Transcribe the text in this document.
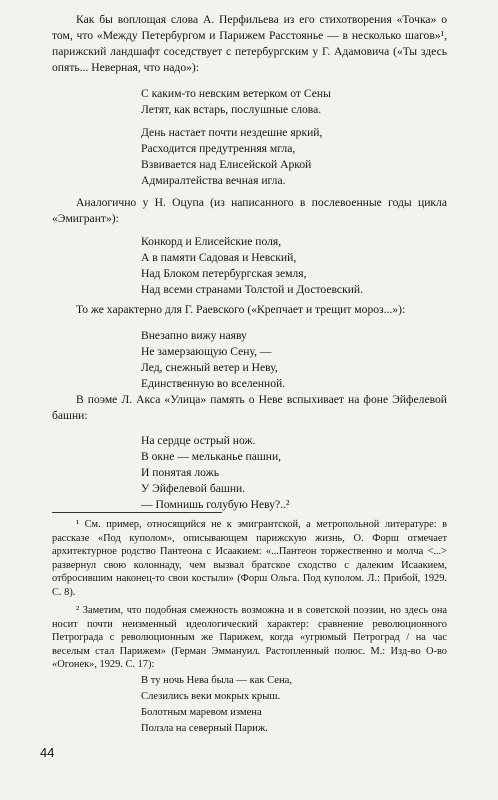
Как бы воплощая слова А. Перфильева из его стихотворения «Точка» о том, что «Между Петербургом и Парижем Расстоянье — в несколько шагов»¹, парижский ландшафт соседствует с петербургским у Г. Адамовича («Ты здесь опять... Неверная, что надо»):

С каким-то невским ветерком от Сены
Летят, как встарь, послушные слова.
День настает почти нездешне яркий,
Расходится предутренняя мгла,
Взвивается над Елисейской Аркой
Адмиралтейства вечная игла.

Аналогично у Н. Оцупа (из написанного в послевоенные годы цикла «Эмигрант»):

Конкорд и Елисейские поля,
А в памяти Садовая и Невский,
Над Блоком петербургская земля,
Над всеми странами Толстой и Достоевский.

То же характерно для Г. Раевского («Крепчает и трещит мороз...»):

Внезапно вижу наяву
Не замерзающую Сену, —
Лед, снежный ветер и Неву,
Единственную во вселенной.

В поэме Л. Акса «Улица» память о Неве вспыхивает на фоне Эйфелевой башни:

На сердце острый нож.
В окне — мельканье пашни,
И понятая ложь
У Эйфелевой башни.
— Помнишь голубую Неву?..²

¹ См. пример, относящийся не к эмигрантской, а метропольной литературе: в рассказе «Под куполом», описывающем парижскую жизнь, О. Форш отмечает архитектурное родство Пантеона с Исаакием: «...Пантеон торжественно и молча <...> развернул свою колоннаду, чем вызвал братское сходство с далеким Исаакием, отбросившим наконец-то свои костыли» (Форш Ольга. Под куполом. Л.: Прибой, 1929. С. 8).

² Заметим, что подобная смежность возможна и в советской поэзии, но здесь она носит почти неизменный идеологический характер: сравнение революционного Петрограда с революционным же Парижем, когда «угрюмый Петроград / на час веселым стал Парижем» (Герман Эммануил. Растопленный полюс. М.: Изд-во О-во «Огонек», 1929. С. 17):

В ту ночь Нева была — как Сена,
Слезились веки мокрых крыш.
Болотным маревом измена
Ползла на северный Париж.
44
